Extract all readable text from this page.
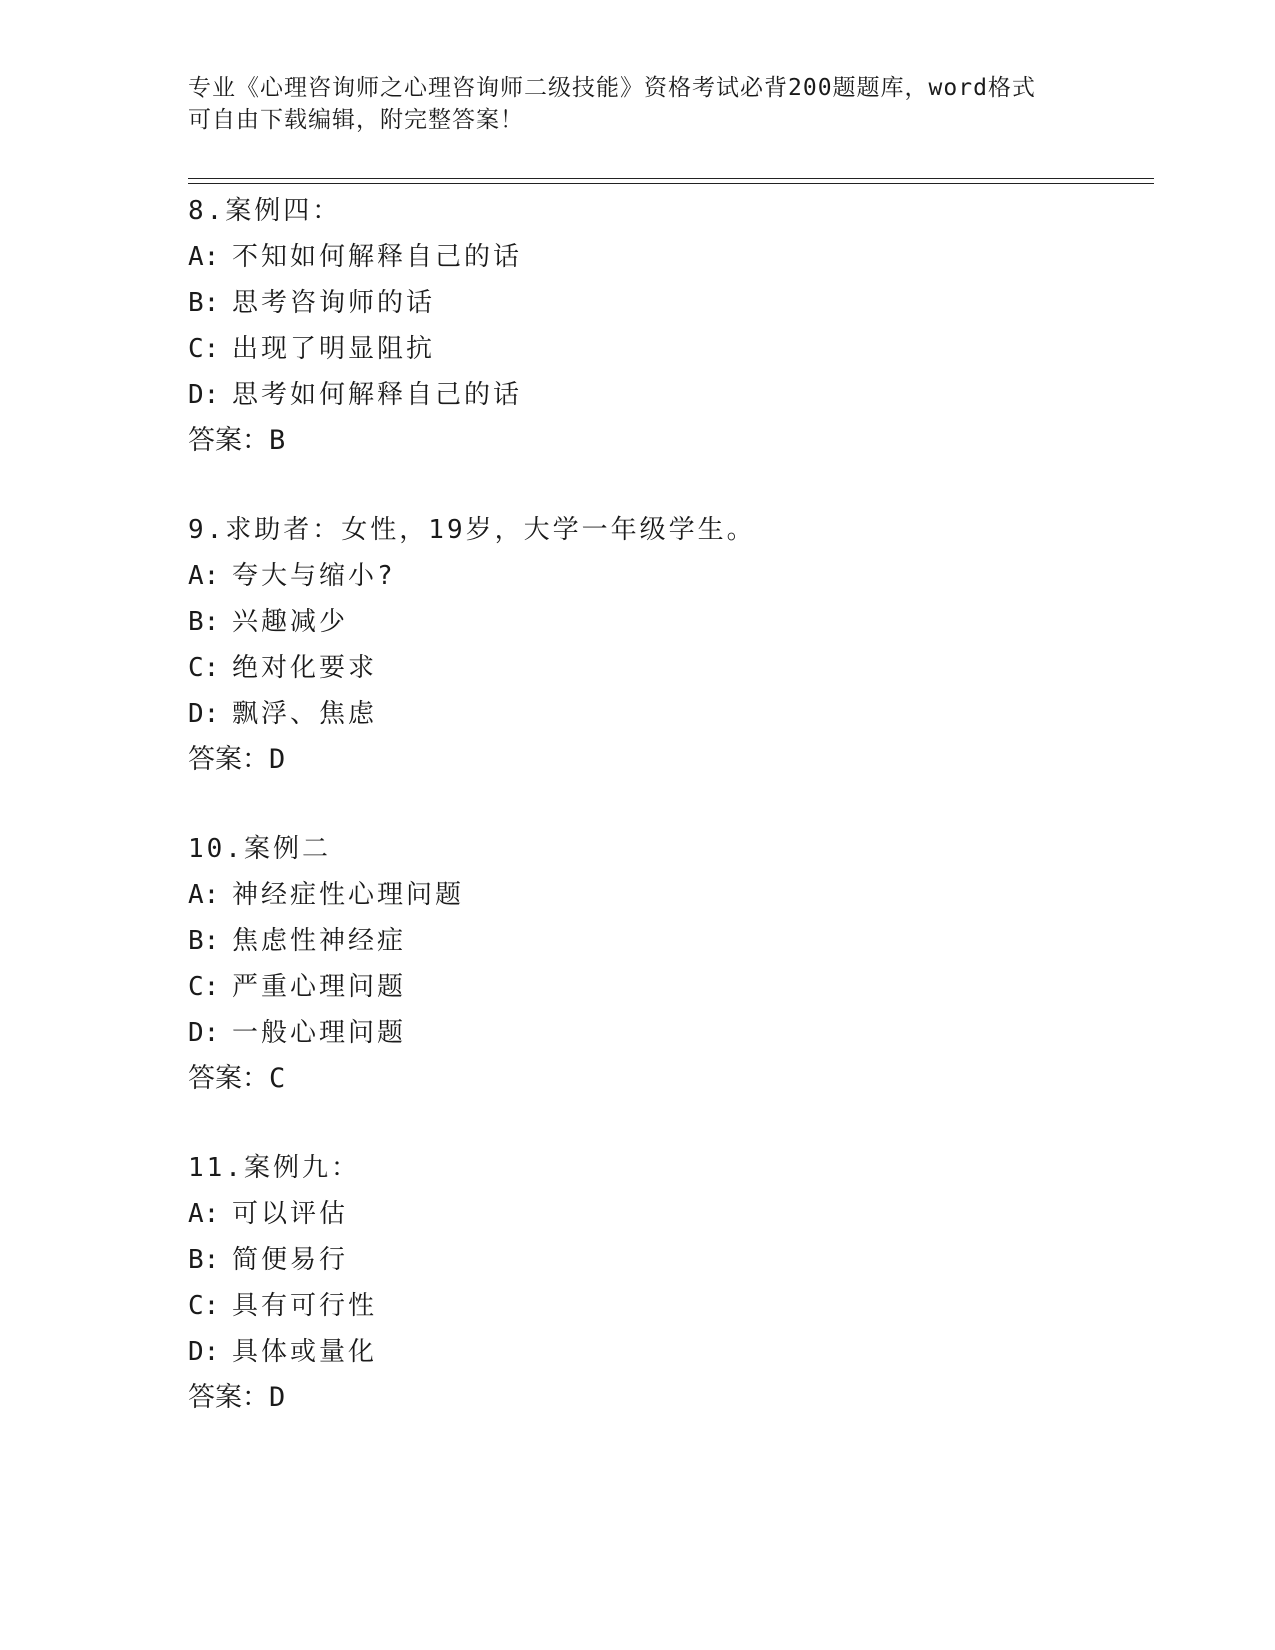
专业《心理咨询师之心理咨询师二级技能》资格考试必背200题题库，word格式
可自由下载编辑，附完整答案！
8.案例四：
A: 不知如何解释自己的话
B: 思考咨询师的话
C: 出现了明显阻抗
D: 思考如何解释自己的话
答案：B
9.求助者：女性，19岁，大学一年级学生。
A: 夸大与缩小?
B: 兴趣减少
C: 绝对化要求
D: 飘浮、焦虑
答案：D
10.案例二
A: 神经症性心理问题
B: 焦虑性神经症
C: 严重心理问题
D: 一般心理问题
答案：C
11.案例九：
A: 可以评估
B: 简便易行
C: 具有可行性
D: 具体或量化
答案：D
